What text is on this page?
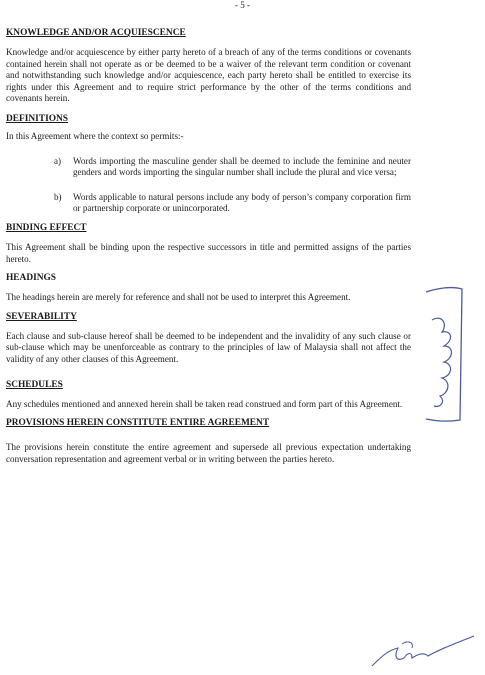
- 5 -

KNOWLEDGE AND/OR ACQUIESCENCE

Knowledge and/or acquiescence by either party hereto of a breach of any of the terms conditions or covenants contained herein shall not operate as or be deemed to be a waiver of the relevant term condition or covenant and notwithstanding such knowledge and/or acquiescence, each party hereto shall be entitled to exercise its rights under this Agreement and to require strict performance by the other of the terms conditions and covenants herein.

DEFINITIONS

In this Agreement where the context so permits:-

a)	Words importing the masculine gender shall be deemed to include the feminine and neuter genders and words importing the singular number shall include the plural and vice versa;

b)	Words applicable to natural persons include any body of person’s company corporation firm or partnership corporate or unincorporated.

BINDING EFFECT

This Agreement shall be binding upon the respective successors in title and permitted assigns of the parties hereto.

HEADINGS

The headings herein are merely for reference and shall not be used to interpret this Agreement.

SEVERABILITY

Each clause and sub-clause hereof shall be deemed to be independent and the invalidity of any such clause or sub-clause which may be unenforceable as contrary to the principles of law of Malaysia shall not affect the validity of any other clauses of this Agreement.

SCHEDULES

Any schedules mentioned and annexed herein shall be taken read construed and form part of this Agreement.

PROVISIONS HEREIN CONSTITUTE ENTIRE AGREEMENT

The provisions herein constitute the entire agreement and supersede all previous expectation undertaking conversation representation and agreement verbal or in writing between the parties hereto.
